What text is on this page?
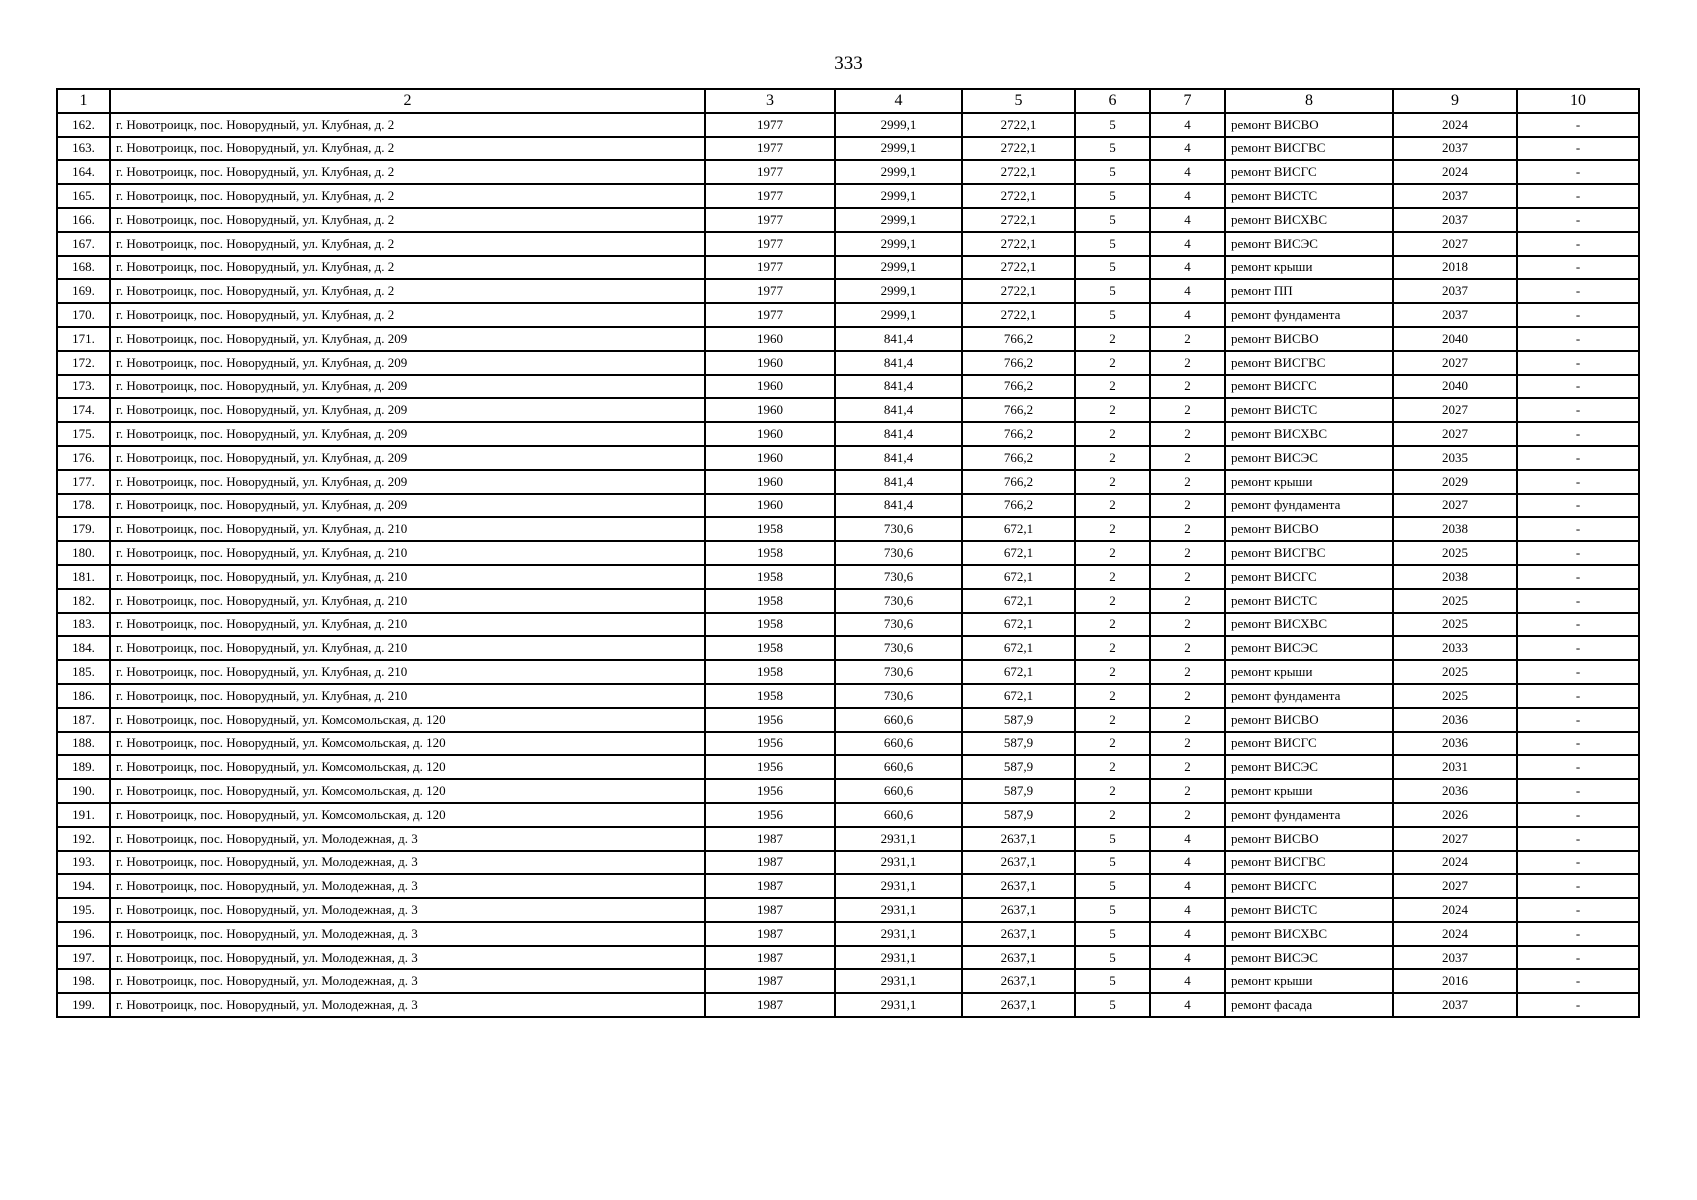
333
1	2	3	4	5	6	7	8	9	10
162.	г. Новотроицк, пос. Новорудный, ул. Клубная, д. 2	1977	2999,1	2722,1	5	4	ремонт ВИСВО	2024	-
163.	г. Новотроицк, пос. Новорудный, ул. Клубная, д. 2	1977	2999,1	2722,1	5	4	ремонт ВИСГВС	2037	-
164.	г. Новотроицк, пос. Новорудный, ул. Клубная, д. 2	1977	2999,1	2722,1	5	4	ремонт ВИСГС	2024	-
165.	г. Новотроицк, пос. Новорудный, ул. Клубная, д. 2	1977	2999,1	2722,1	5	4	ремонт ВИСТС	2037	-
166.	г. Новотроицк, пос. Новорудный, ул. Клубная, д. 2	1977	2999,1	2722,1	5	4	ремонт ВИСХВС	2037	-
167.	г. Новотроицк, пос. Новорудный, ул. Клубная, д. 2	1977	2999,1	2722,1	5	4	ремонт ВИСЭС	2027	-
168.	г. Новотроицк, пос. Новорудный, ул. Клубная, д. 2	1977	2999,1	2722,1	5	4	ремонт крыши	2018	-
169.	г. Новотроицк, пос. Новорудный, ул. Клубная, д. 2	1977	2999,1	2722,1	5	4	ремонт ПП	2037	-
170.	г. Новотроицк, пос. Новорудный, ул. Клубная, д. 2	1977	2999,1	2722,1	5	4	ремонт фундамента	2037	-
171.	г. Новотроицк, пос. Новорудный, ул. Клубная, д. 209	1960	841,4	766,2	2	2	ремонт ВИСВО	2040	-
172.	г. Новотроицк, пос. Новорудный, ул. Клубная, д. 209	1960	841,4	766,2	2	2	ремонт ВИСГВС	2027	-
173.	г. Новотроицк, пос. Новорудный, ул. Клубная, д. 209	1960	841,4	766,2	2	2	ремонт ВИСГС	2040	-
174.	г. Новотроицк, пос. Новорудный, ул. Клубная, д. 209	1960	841,4	766,2	2	2	ремонт ВИСТС	2027	-
175.	г. Новотроицк, пос. Новорудный, ул. Клубная, д. 209	1960	841,4	766,2	2	2	ремонт ВИСХВС	2027	-
176.	г. Новотроицк, пос. Новорудный, ул. Клубная, д. 209	1960	841,4	766,2	2	2	ремонт ВИСЭС	2035	-
177.	г. Новотроицк, пос. Новорудный, ул. Клубная, д. 209	1960	841,4	766,2	2	2	ремонт крыши	2029	-
178.	г. Новотроицк, пос. Новорудный, ул. Клубная, д. 209	1960	841,4	766,2	2	2	ремонт фундамента	2027	-
179.	г. Новотроицк, пос. Новорудный, ул. Клубная, д. 210	1958	730,6	672,1	2	2	ремонт ВИСВО	2038	-
180.	г. Новотроицк, пос. Новорудный, ул. Клубная, д. 210	1958	730,6	672,1	2	2	ремонт ВИСГВС	2025	-
181.	г. Новотроицк, пос. Новорудный, ул. Клубная, д. 210	1958	730,6	672,1	2	2	ремонт ВИСГС	2038	-
182.	г. Новотроицк, пос. Новорудный, ул. Клубная, д. 210	1958	730,6	672,1	2	2	ремонт ВИСТС	2025	-
183.	г. Новотроицк, пос. Новорудный, ул. Клубная, д. 210	1958	730,6	672,1	2	2	ремонт ВИСХВС	2025	-
184.	г. Новотроицк, пос. Новорудный, ул. Клубная, д. 210	1958	730,6	672,1	2	2	ремонт ВИСЭС	2033	-
185.	г. Новотроицк, пос. Новорудный, ул. Клубная, д. 210	1958	730,6	672,1	2	2	ремонт крыши	2025	-
186.	г. Новотроицк, пос. Новорудный, ул. Клубная, д. 210	1958	730,6	672,1	2	2	ремонт фундамента	2025	-
187.	г. Новотроицк, пос. Новорудный, ул. Комсомольская, д. 120	1956	660,6	587,9	2	2	ремонт ВИСВО	2036	-
188.	г. Новотроицк, пос. Новорудный, ул. Комсомольская, д. 120	1956	660,6	587,9	2	2	ремонт ВИСГС	2036	-
189.	г. Новотроицк, пос. Новорудный, ул. Комсомольская, д. 120	1956	660,6	587,9	2	2	ремонт ВИСЭС	2031	-
190.	г. Новотроицк, пос. Новорудный, ул. Комсомольская, д. 120	1956	660,6	587,9	2	2	ремонт крыши	2036	-
191.	г. Новотроицк, пос. Новорудный, ул. Комсомольская, д. 120	1956	660,6	587,9	2	2	ремонт фундамента	2026	-
192.	г. Новотроицк, пос. Новорудный, ул. Молодежная, д. 3	1987	2931,1	2637,1	5	4	ремонт ВИСВО	2027	-
193.	г. Новотроицк, пос. Новорудный, ул. Молодежная, д. 3	1987	2931,1	2637,1	5	4	ремонт ВИСГВС	2024	-
194.	г. Новотроицк, пос. Новорудный, ул. Молодежная, д. 3	1987	2931,1	2637,1	5	4	ремонт ВИСГС	2027	-
195.	г. Новотроицк, пос. Новорудный, ул. Молодежная, д. 3	1987	2931,1	2637,1	5	4	ремонт ВИСТС	2024	-
196.	г. Новотроицк, пос. Новорудный, ул. Молодежная, д. 3	1987	2931,1	2637,1	5	4	ремонт ВИСХВС	2024	-
197.	г. Новотроицк, пос. Новорудный, ул. Молодежная, д. 3	1987	2931,1	2637,1	5	4	ремонт ВИСЭС	2037	-
198.	г. Новотроицк, пос. Новорудный, ул. Молодежная, д. 3	1987	2931,1	2637,1	5	4	ремонт крыши	2016	-
199.	г. Новотроицк, пос. Новорудный, ул. Молодежная, д. 3	1987	2931,1	2637,1	5	4	ремонт фасада	2037	-
